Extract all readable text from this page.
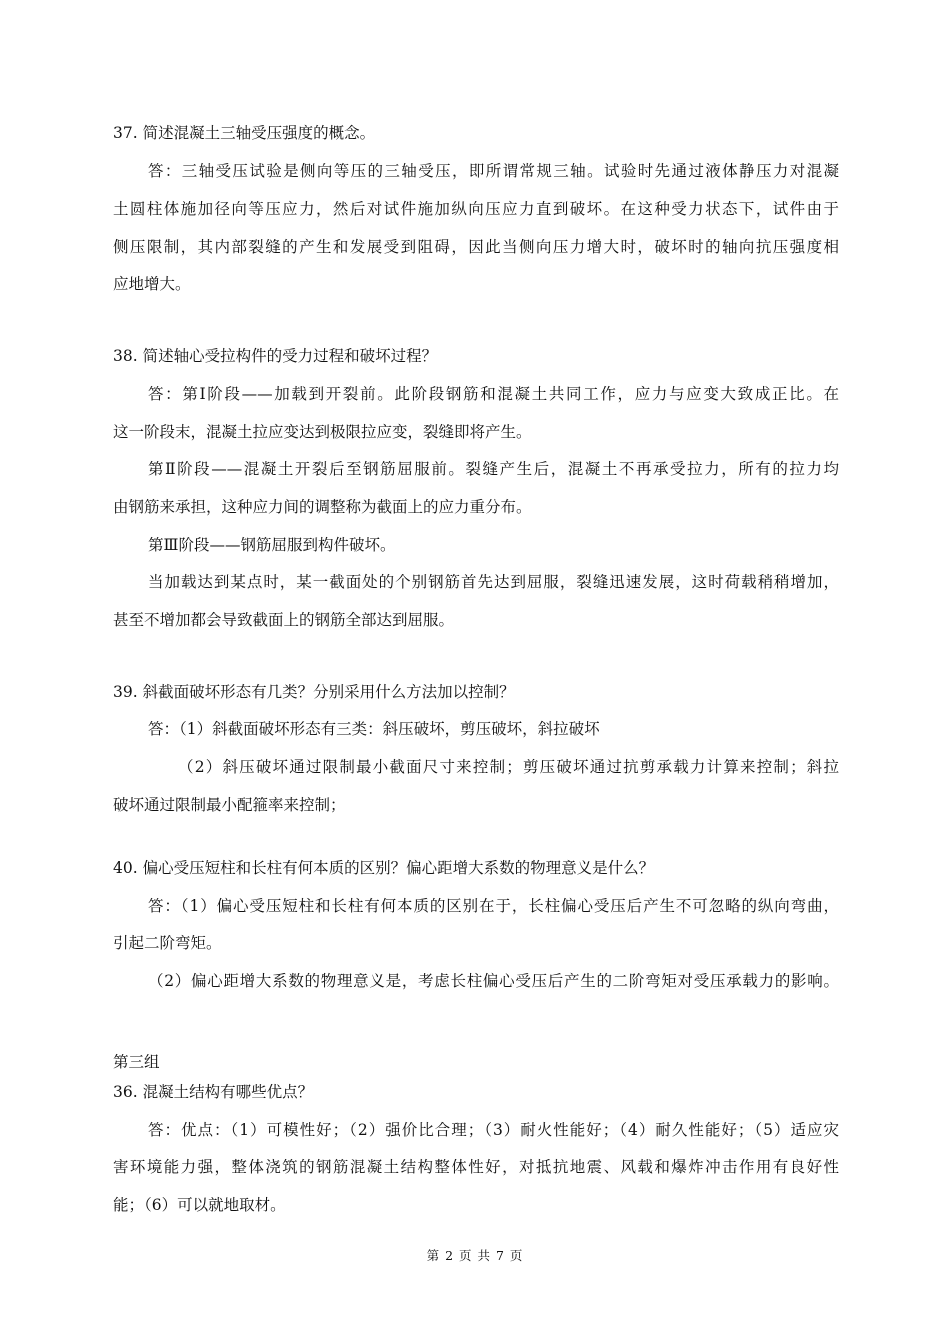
37. 简述混凝土三轴受压强度的概念。
答：三轴受压试验是侧向等压的三轴受压，即所谓常规三轴。试验时先通过液体静压力对混凝
土圆柱体施加径向等压应力，然后对试件施加纵向压应力直到破坏。在这种受力状态下，试件由于
侧压限制，其内部裂缝的产生和发展受到阻碍，因此当侧向压力增大时，破坏时的轴向抗压强度相
应地增大。
38. 简述轴心受拉构件的受力过程和破坏过程？
答：第Ⅰ阶段——加载到开裂前。此阶段钢筋和混凝土共同工作，应力与应变大致成正比。在
这一阶段末，混凝土拉应变达到极限拉应变，裂缝即将产生。
第Ⅱ阶段——混凝土开裂后至钢筋屈服前。裂缝产生后，混凝土不再承受拉力，所有的拉力均
由钢筋来承担，这种应力间的调整称为截面上的应力重分布。
第Ⅲ阶段——钢筋屈服到构件破坏。
当加载达到某点时，某一截面处的个别钢筋首先达到屈服，裂缝迅速发展，这时荷载稍稍增加，
甚至不增加都会导致截面上的钢筋全部达到屈服。
39. 斜截面破坏形态有几类？分别采用什么方法加以控制？
答：（1）斜截面破坏形态有三类：斜压破坏，剪压破坏，斜拉破坏
（2）斜压破坏通过限制最小截面尺寸来控制；剪压破坏通过抗剪承载力计算来控制；斜拉
破坏通过限制最小配箍率来控制；
40. 偏心受压短柱和长柱有何本质的区别？偏心距增大系数的物理意义是什么？
答：（1）偏心受压短柱和长柱有何本质的区别在于，长柱偏心受压后产生不可忽略的纵向弯曲，
引起二阶弯矩。
（2）偏心距增大系数的物理意义是，考虑长柱偏心受压后产生的二阶弯矩对受压承载力的影响。
第三组
36. 混凝土结构有哪些优点？
答：优点：（1）可模性好；（2）强价比合理；（3）耐火性能好；（4）耐久性能好；（5）适应灾
害环境能力强，整体浇筑的钢筋混凝土结构整体性好，对抵抗地震、风载和爆炸冲击作用有良好性
能；（6）可以就地取材。
第 2 页 共 7 页
